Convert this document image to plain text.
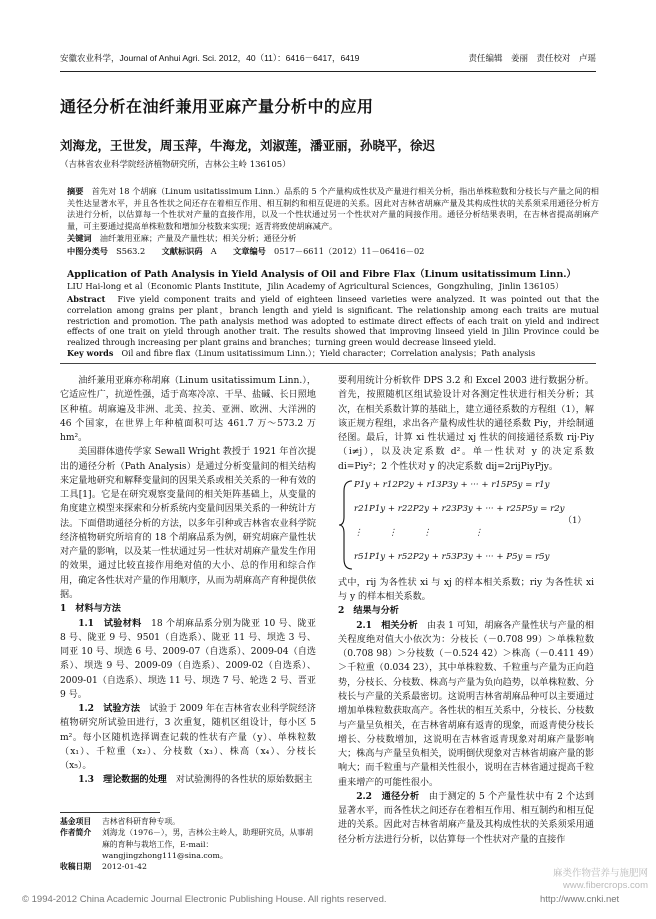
安徽农业科学，Journal of Anhui Agri. Sci. 2012，40（11）：6416－6417，6419	责任编辑　姜丽　责任校对　卢瑶
通径分析在油纤兼用亚麻产量分析中的应用
刘海龙，王世发，周玉萍，牛海龙，刘淑莲，潘亚丽，孙晓平，徐迟
（吉林省农业科学院经济植物研究所，吉林公主岭 136105）
摘要　 首先对 18 个胡麻（Linum usitatissimum Linn.）品系的 5 个产量构成性状及产量进行相关分析，指出单株粒数和分枝长与产量之间的相关性达显著水平，并且各性状之间还存在着相互作用、相互制约和相互促进的关系。因此对吉林省胡麻产量及其构成性状的关系须采用通径分析方法进行分析，以估算每一个性状对产量的直接作用，以及一个性状通过另一个性状对产量的间接作用。通径分析结果表明，在吉林省提高胡麻产量，可主要通过提高单株粒数和增加分枝数来实现；返青将致使胡麻减产。
关键词　 油纤兼用亚麻；产量及产量性状；相关分析；通径分析
中图分类号　 S563.2　　 文献标识码　 A　　 文章编号　 0517－6611（2012）11－06416－02
Application of Path Analysis in Yield Analysis of Oil and Fibre Flax（Linum usitatissimum Linn.）
LIU Hai-long et al（Economic Plants Institute，Jilin Academy of Agricultural Sciences，Gongzhuling，Jinlin 136105）
Abstract　 Five yield component traits and yield of eighteen linseed varieties were analyzed. It was pointed out that the correlation among grains per plant，branch length and yield is significant. The relationship among each traits are mutual restriction and promotion. The path analysis method was adopted to estimate direct effects of each trait on yield and indirect effects of one trait on yield through another trait. The results showed that improving linseed yield in Jilin Province could be realized through increasing per plant grains and branches；turning green would decrease linseed yield.
Key words　 Oil and fibre flax（Linum usitatissimum Linn.）；Yield character；Correlation analysis；Path analysis

油纤兼用亚麻亦称胡麻（Linum usitatissimum Linn.），它适应性广，抗逆性强，适于高寒冷凉、干旱、盐碱、长日照地区种植。胡麻遍及非洲、北美、拉美、亚洲、欧洲、大洋洲的 46 个国家，在世界上年种植面积可达 461.7 万～573.2 万 hm²。

美国群体遗传学家 Sewall Wright 教授于 1921 年首次提出的通径分析（Path Analysis）是通过分析变量间的相关结构来定量地研究和解释变量间的因果关系或相关关系的一种有效的工具[1]。它是在研究观察变量间的相关矩阵基础上，从变量的角度建立模型来探索和分析系统内变量间因果关系的一种统计方法。下面借助通径分析的方法，以多年引种或吉林省农业科学院经济植物研究所培育的 18 个胡麻品系为例，研究胡麻产量性状对产量的影响，以及某一性状通过另一性状对胡麻产量发生作用的效果，通过比较直接作用绝对值的大小、总的作用和综合作用，确定各性状对产量的作用顺序，从而为胡麻高产育种提供依据。

1　材料与方法

1.1　试验材料　 18 个胡麻品系分别为陇亚 10 号、陇亚 8 号、陇亚 9 号、9501（自选系）、陇亚 11 号、坝选 3 号、同亚 10 号、坝选 6 号、2009-07（自选系）、2009-04（自选系）、坝选 9 号、2009-09（自选系）、2009-02（自选系）、2009-01（自选系）、坝选 11 号、坝选 7 号、轮选 2 号、晋亚 9 号。

1.2　试验方法　 试验于 2009 年在吉林省农业科学院经济植物研究所试验田进行，3 次重复，随机区组设计，每小区 5 m²。每小区随机选择调查记载的性状有产量（y）、单株粒数（x₁）、千粒重（x₂）、分枝数（x₃）、株高（x₄）、分枝长（x₅）。

1.3　理论数据的处理　 对试验测得的各性状的原始数据主

基金项目	吉林省科研育种专项。
作者简介	刘海龙（1976－），男，吉林公主岭人，助理研究员，从事胡麻的育种与栽培工作，E-mail：wangjingzhong111@sina.com。
收稿日期	2012-01-42

要利用统计分析软件 DPS 3.2 和 Excel 2003 进行数据分析。首先，按照随机区组试验设计对各测定性状进行相关分析；其次，在相关系数计算的基础上，建立通径系数的方程组（1），解该正规方程组，求出各产量构成性状的通径系数 Piy，并绘制通径图。最后，计算 xi 性状通过 xj 性状的间接通径系数 rij·Piy（i≠j），以及决定系数 d²。单一性状对 y 的决定系数 di=Piy²；2 个性状对 y 的决定系数 dij=2rijPiyPjy。

P1y + r12P2y + r13P3y + ··· + r15P5y = r1y
r21P1y + r22P2y + r23P3y + ··· + r25P5y = r2y
⋮　　　⋮　　　⋮　　　　　⋮
r51P1y + r52P2y + r53P3y + ··· + P5y = r5y
（1）

式中，rij 为各性状 xi 与 xj 的样本相关系数；riy 为各性状 xi 与 y 的样本相关系数。

2　结果与分析

2.1　相关分析　 由表 1 可知，胡麻各产量性状与产量的相关程度绝对值大小依次为：分枝长（－0.708 99）＞单株粒数（0.708 98）＞分枝数（－0.524 42）＞株高（－0.411 49）＞千粒重（0.034 23），其中单株粒数、千粒重与产量为正向趋势，分枝长、分枝数、株高与产量为负向趋势，以单株粒数、分枝长与产量的关系最密切。这说明吉林省胡麻品种可以主要通过增加单株粒数获取高产。各性状的相互关系中，分枝长、分枝数与产量呈负相关，在吉林省胡麻有返青的现象，而返青使分枝长增长、分枝数增加，这说明在吉林省返青现象对胡麻产量影响大；株高与产量呈负相关，说明倒伏现象对吉林省胡麻产量的影响大；而千粒重与产量相关性很小，说明在吉林省通过提高千粒重来增产的可能性很小。

2.2　通径分析　 由于测定的 5 个产量性状中有 2 个达到显著水平，而各性状之间还存在着相互作用、相互制约和相互促进的关系。因此对吉林省胡麻产量及其构成性状的关系须采用通径分析方法进行分析，以估算每一个性状对产量的直接作

麻类作物营养与施肥网 www.fibercrops.com
© 1994-2012 China Academic Journal Electronic Publishing House. All rights reserved.	http://www.cnki.net
